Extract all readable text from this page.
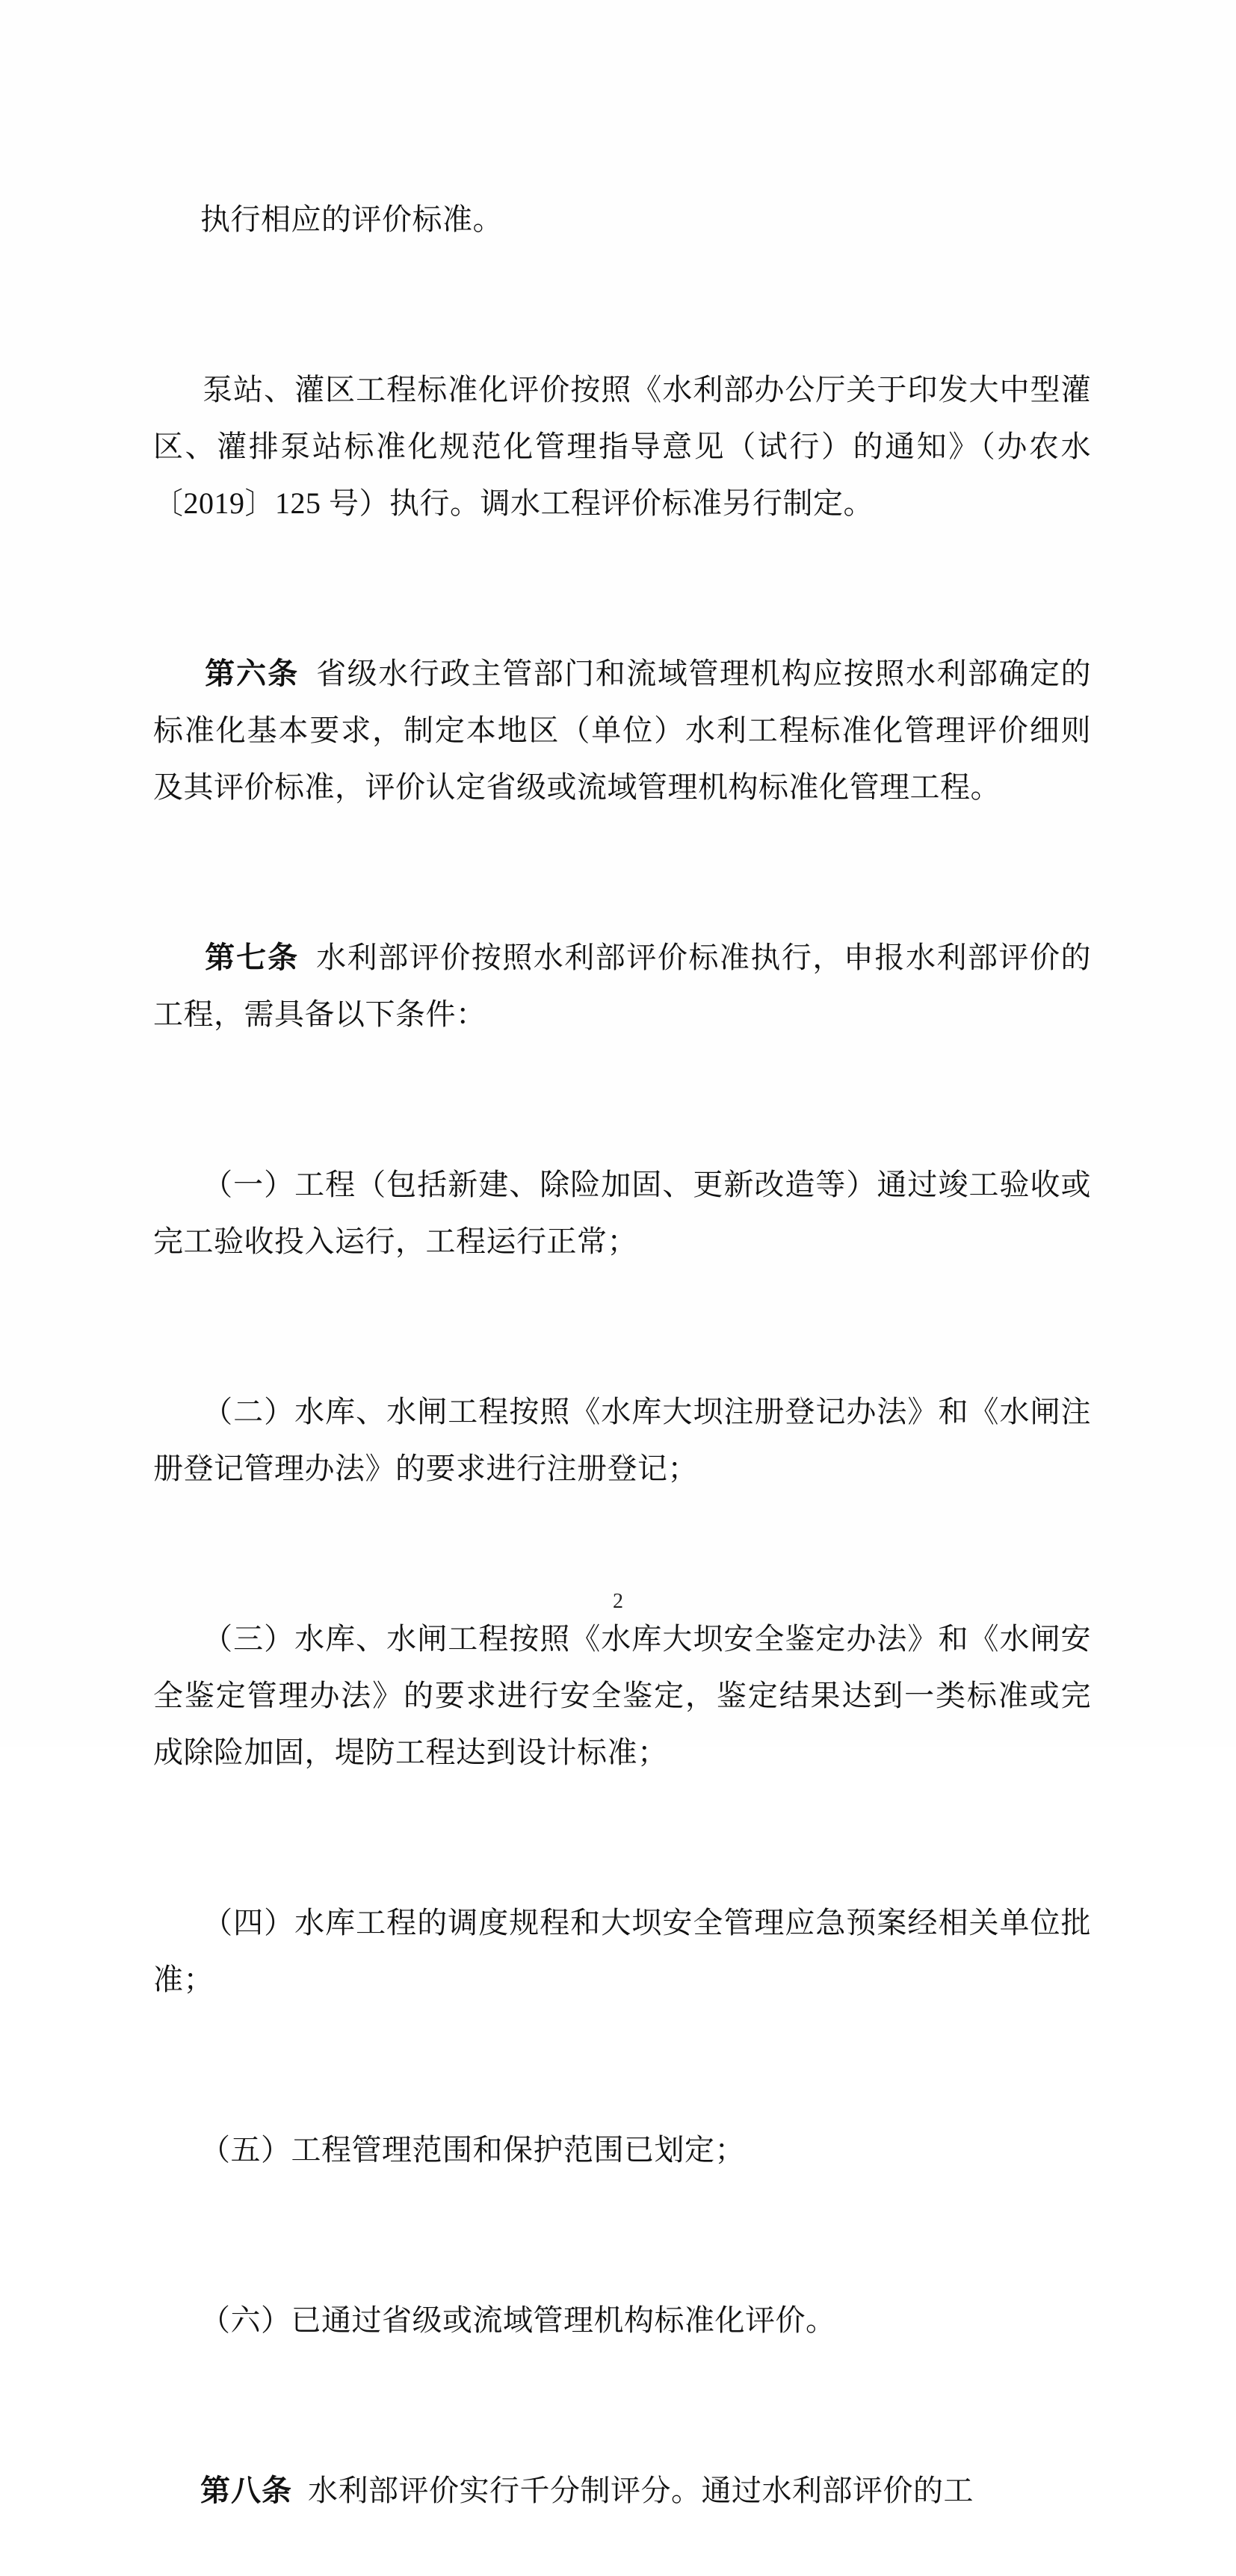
执行相应的评价标准。

泵站、灌区工程标准化评价按照《水利部办公厅关于印发大中型灌区、灌排泵站标准化规范化管理指导意见（试行）的通知》（办农水〔2019〕125 号）执行。调水工程评价标准另行制定。

第六条 省级水行政主管部门和流域管理机构应按照水利部确定的标准化基本要求，制定本地区（单位）水利工程标准化管理评价细则及其评价标准，评价认定省级或流域管理机构标准化管理工程。

第七条 水利部评价按照水利部评价标准执行，申报水利部评价的工程，需具备以下条件：

（一）工程（包括新建、除险加固、更新改造等）通过竣工验收或完工验收投入运行，工程运行正常；

（二）水库、水闸工程按照《水库大坝注册登记办法》和《水闸注册登记管理办法》的要求进行注册登记；

（三）水库、水闸工程按照《水库大坝安全鉴定办法》和《水闸安全鉴定管理办法》的要求进行安全鉴定，鉴定结果达到一类标准或完成除险加固，堤防工程达到设计标准；

（四）水库工程的调度规程和大坝安全管理应急预案经相关单位批准；

（五）工程管理范围和保护范围已划定；

（六）已通过省级或流域管理机构标准化评价。

第八条 水利部评价实行千分制评分。通过水利部评价的工

2
